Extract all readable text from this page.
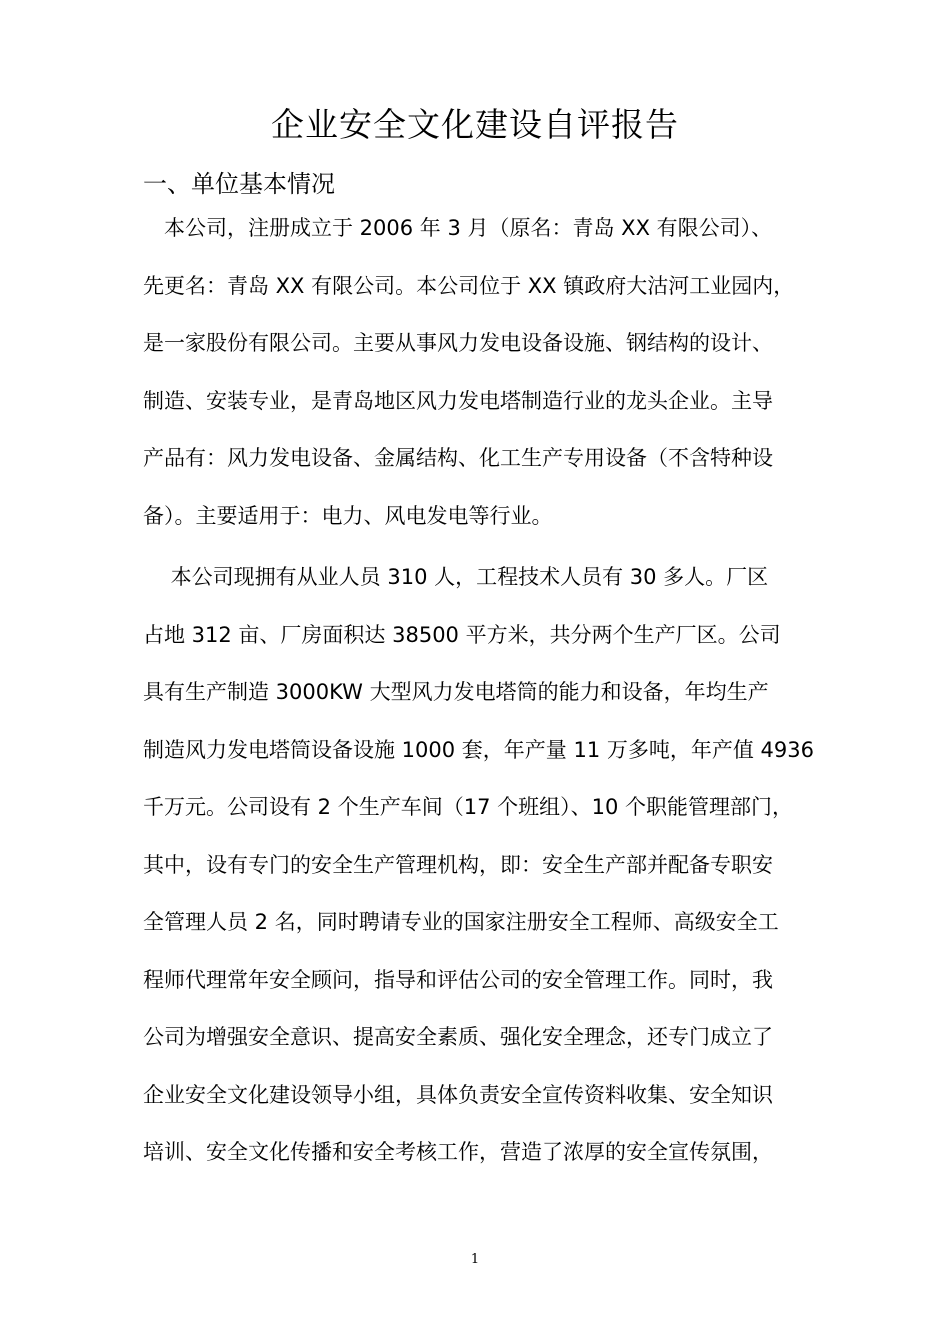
企业安全文化建设自评报告
一、单位基本情况
　本公司，注册成立于 2006 年 3 月（原名：青岛 XX 有限公司）、
先更名：青岛 XX 有限公司。本公司位于 XX 镇政府大沽河工业园内，
是一家股份有限公司。主要从事风力发电设备设施、钢结构的设计、
制造、安装专业，是青岛地区风力发电塔制造行业的龙头企业。主导
产品有：风力发电设备、金属结构、化工生产专用设备（不含特种设
备）。主要适用于：电力、风电发电等行业。
　 本公司现拥有从业人员 310 人，工程技术人员有 30 多人。厂区
占地 312 亩、厂房面积达 38500 平方米，共分两个生产厂区。公司
具有生产制造 3000KW 大型风力发电塔筒的能力和设备，年均生产
制造风力发电塔筒设备设施 1000 套，年产量 11 万多吨，年产值 4936
千万元。公司设有 2 个生产车间（17 个班组）、10 个职能管理部门，
其中，设有专门的安全生产管理机构，即：安全生产部并配备专职安
全管理人员 2 名，同时聘请专业的国家注册安全工程师、高级安全工
程师代理常年安全顾问，指导和评估公司的安全管理工作。同时，我
公司为增强安全意识、提高安全素质、强化安全理念，还专门成立了
企业安全文化建设领导小组，具体负责安全宣传资料收集、安全知识
培训、安全文化传播和安全考核工作，营造了浓厚的安全宣传氛围，
1
